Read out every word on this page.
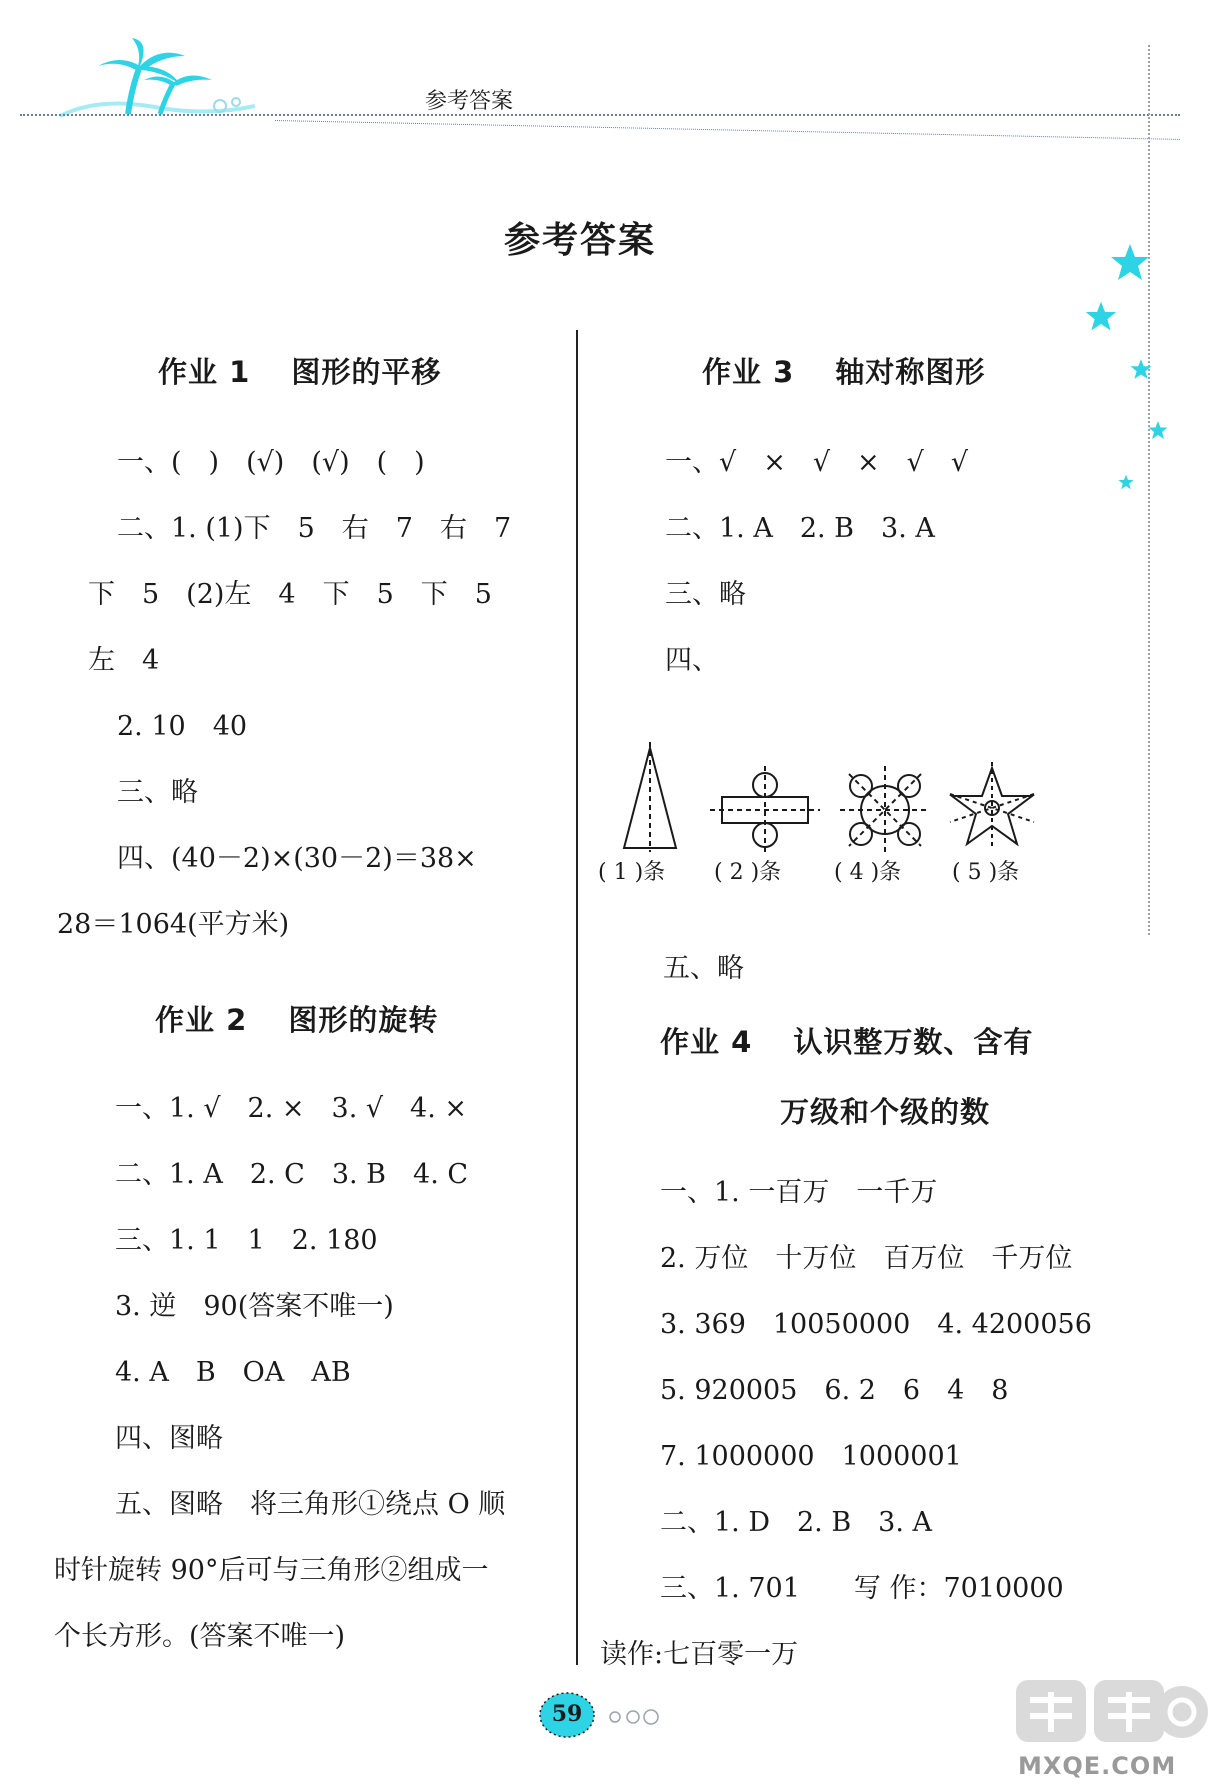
参考答案
参考答案
作业 1　 图形的平移
一、(　)　(√)　(√)　(　)
二、1. (1)下　5　右　7　右　7
下　5　(2)左　4　下　5　下　5
左　4
2. 10　40
三、略
四、(40－2)×(30－2)＝38×
28＝1064(平方米)
作业 2　 图形的旋转
一、1. √　2. ×　3. √　4. ×
二、1. A　2. C　3. B　4. C
三、1. 1　1　2. 180
3. 逆　90(答案不唯一)
4. A　B　OA　AB
四、图略
五、图略　将三角形①绕点 O 顺
时针旋转 90°后可与三角形②组成一
个长方形。(答案不唯一)
作业 3　 轴对称图形
一、√　×　√　×　√　√
二、1. A　2. B　3. A
三、略
四、
( 1 )条 ( 2 )条 ( 4 )条 ( 5 )条
五、略
作业 4　 认识整万数、含有
万级和个级的数
一、1. 一百万　一千万
2. 万位　十万位　百万位　千万位
3. 369　10050000　4. 4200056
5. 920005　6. 2　6　4　8
7. 1000000　1000001
二、1. D　2. B　3. A
三、1. 701　　写 作：7010000
读作:七百零一万
59
MXQE.COM
